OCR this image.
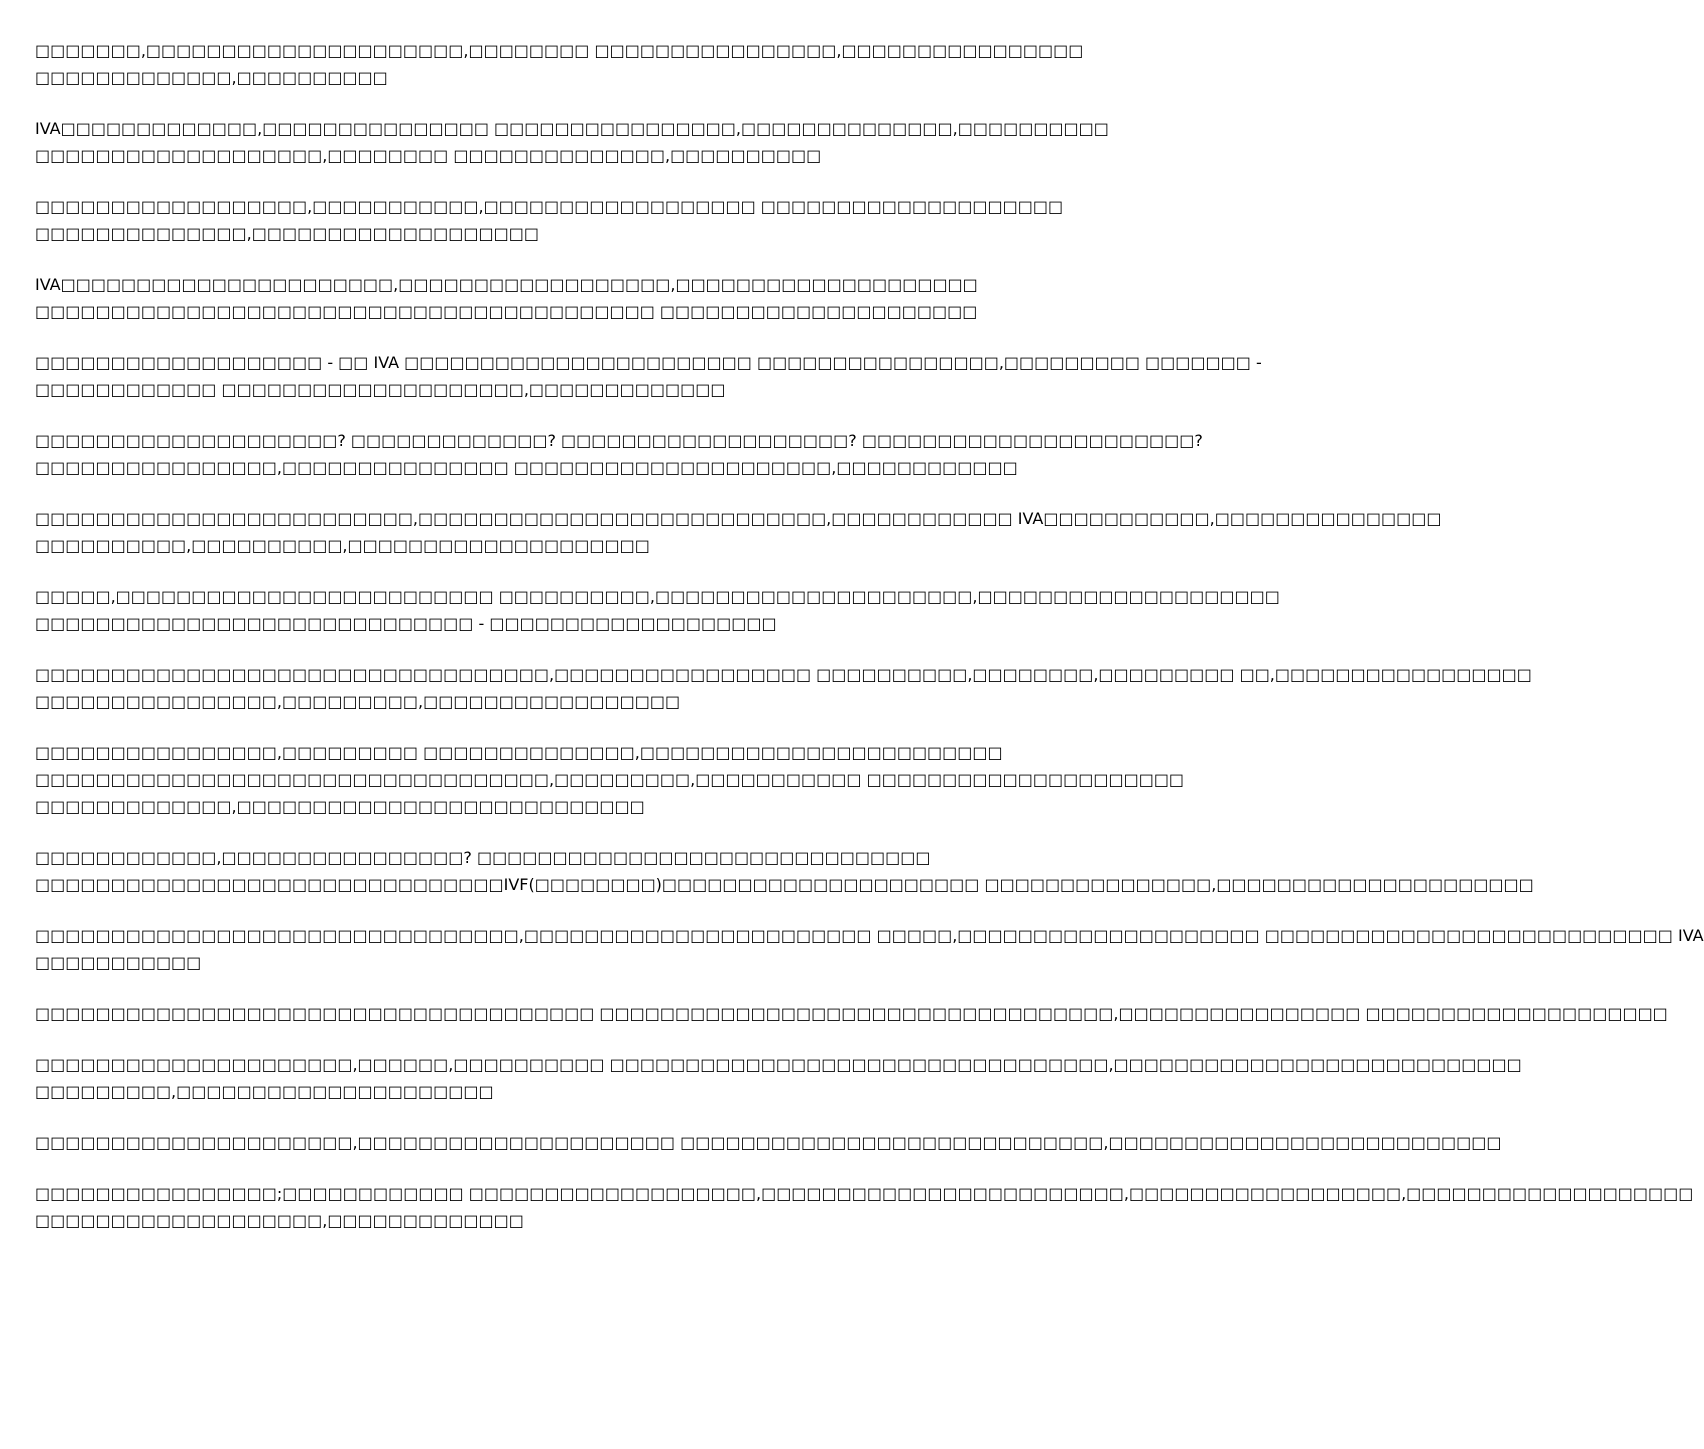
□□□□□□□,□□□□□□□□□□□□□□□□□□□□□,□□□□□□□□ □□□□□□□□□□□□□□□□,□□□□□□□□□□□□□□□□
□□□□□□□□□□□□□,□□□□□□□□□□

IVA□□□□□□□□□□□□□,□□□□□□□□□□□□□□□ □□□□□□□□□□□□□□□□,□□□□□□□□□□□□□□,□□□□□□□□□□
□□□□□□□□□□□□□□□□□□□,□□□□□□□□ □□□□□□□□□□□□□□,□□□□□□□□□□

□□□□□□□□□□□□□□□□□□,□□□□□□□□□□□,□□□□□□□□□□□□□□□□□□ □□□□□□□□□□□□□□□□□□□□
□□□□□□□□□□□□□□,□□□□□□□□□□□□□□□□□□□

IVA□□□□□□□□□□□□□□□□□□□□□□,□□□□□□□□□□□□□□□□□□,□□□□□□□□□□□□□□□□□□□□
□□□□□□□□□□□□□□□□□□□□□□□□□□□□□□□□□□□□□□□□□ □□□□□□□□□□□□□□□□□□□□□

□□□□□□□□□□□□□□□□□□□ - □□ IVA □□□□□□□□□□□□□□□□□□□□□□□ □□□□□□□□□□□□□□□□,□□□□□□□□□ □□□□□□□ -
□□□□□□□□□□□□ □□□□□□□□□□□□□□□□□□□□,□□□□□□□□□□□□□

□□□□□□□□□□□□□□□□□□□□? □□□□□□□□□□□□□? □□□□□□□□□□□□□□□□□□□? □□□□□□□□□□□□□□□□□□□□□□?
□□□□□□□□□□□□□□□□,□□□□□□□□□□□□□□□ □□□□□□□□□□□□□□□□□□□□□,□□□□□□□□□□□□

□□□□□□□□□□□□□□□□□□□□□□□□□,□□□□□□□□□□□□□□□□□□□□□□□□□□□,□□□□□□□□□□□□ IVA□□□□□□□□□□□,□□□□□□□□□□□□□□□
□□□□□□□□□□,□□□□□□□□□□,□□□□□□□□□□□□□□□□□□□□

□□□□□,□□□□□□□□□□□□□□□□□□□□□□□□□ □□□□□□□□□□,□□□□□□□□□□□□□□□□□□□□□,□□□□□□□□□□□□□□□□□□□□
□□□□□□□□□□□□□□□□□□□□□□□□□□□□□ - □□□□□□□□□□□□□□□□□□□

□□□□□□□□□□□□□□□□□□□□□□□□□□□□□□□□□□,□□□□□□□□□□□□□□□□□ □□□□□□□□□□,□□□□□□□□,□□□□□□□□□ □□,□□□□□□□□□□□□□□□□□
□□□□□□□□□□□□□□□□,□□□□□□□□□,□□□□□□□□□□□□□□□□□

□□□□□□□□□□□□□□□□,□□□□□□□□□ □□□□□□□□□□□□□□,□□□□□□□□□□□□□□□□□□□□□□□□
□□□□□□□□□□□□□□□□□□□□□□□□□□□□□□□□□□,□□□□□□□□□,□□□□□□□□□□□ □□□□□□□□□□□□□□□□□□□□□
□□□□□□□□□□□□□,□□□□□□□□□□□□□□□□□□□□□□□□□□□

□□□□□□□□□□□□,□□□□□□□□□□□□□□□□? □□□□□□□□□□□□□□□□□□□□□□□□□□□□□□
□□□□□□□□□□□□□□□□□□□□□□□□□□□□□□□IVF(□□□□□□□□)□□□□□□□□□□□□□□□□□□□□□ □□□□□□□□□□□□□□□,□□□□□□□□□□□□□□□□□□□□□

□□□□□□□□□□□□□□□□□□□□□□□□□□□□□□□□,□□□□□□□□□□□□□□□□□□□□□□□ □□□□□,□□□□□□□□□□□□□□□□□□□□ □□□□□□□□□□□□□□□□□□□□□□□□□□□ IVA
□□□□□□□□□□□

□□□□□□□□□□□□□□□□□□□□□□□□□□□□□□□□□□□□□ □□□□□□□□□□□□□□□□□□□□□□□□□□□□□□□□□□,□□□□□□□□□□□□□□□□ □□□□□□□□□□□□□□□□□□□□

□□□□□□□□□□□□□□□□□□□□□,□□□□□□,□□□□□□□□□□ □□□□□□□□□□□□□□□□□□□□□□□□□□□□□□□□□,□□□□□□□□□□□□□□□□□□□□□□□□□□□
□□□□□□□□□,□□□□□□□□□□□□□□□□□□□□□

□□□□□□□□□□□□□□□□□□□□□,□□□□□□□□□□□□□□□□□□□□□ □□□□□□□□□□□□□□□□□□□□□□□□□□□□,□□□□□□□□□□□□□□□□□□□□□□□□□□

□□□□□□□□□□□□□□□□;□□□□□□□□□□□□ □□□□□□□□□□□□□□□□□□□,□□□□□□□□□□□□□□□□□□□□□□□□,□□□□□□□□□□□□□□□□□□,□□□□□□□□□□□□□□□□□□□
□□□□□□□□□□□□□□□□□□□,□□□□□□□□□□□□□
